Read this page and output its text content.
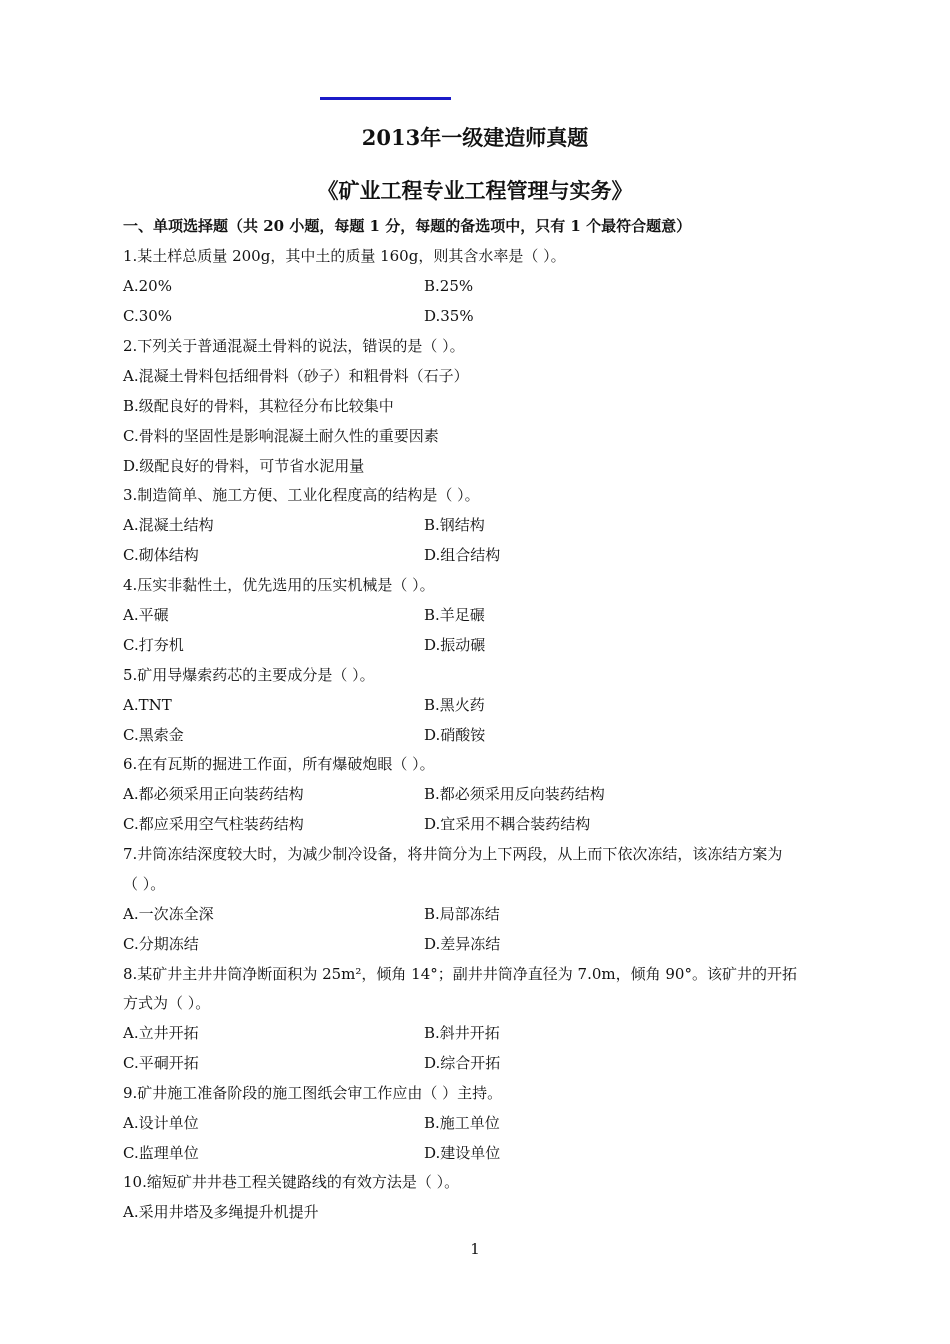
2013年一级建造师真题
《矿业工程专业工程管理与实务》
一、单项选择题（共 20 小题，每题 1 分，每题的备选项中，只有 1 个最符合题意）
1.某土样总质量 200g，其中土的质量 160g，则其含水率是（ ）。
A.20%	B.25%
C.30%	D.35%
2.下列关于普通混凝土骨料的说法，错误的是（ ）。
A.混凝土骨料包括细骨料（砂子）和粗骨料（石子）
B.级配良好的骨料，其粒径分布比较集中
C.骨料的坚固性是影响混凝土耐久性的重要因素
D.级配良好的骨料，可节省水泥用量
3.制造简单、施工方便、工业化程度高的结构是（ ）。
A.混凝土结构	B.钢结构
C.砌体结构	D.组合结构
4.压实非黏性土，优先选用的压实机械是（ ）。
A.平碾	B.羊足碾
C.打夯机	D.振动碾
5.矿用导爆索药芯的主要成分是（ ）。
A.TNT	B.黑火药
C.黑索金	D.硝酸铵
6.在有瓦斯的掘进工作面，所有爆破炮眼（ ）。
A.都必须采用正向装药结构	B.都必须采用反向装药结构
C.都应采用空气柱装药结构	D.宜采用不耦合装药结构
7.井筒冻结深度较大时，为减少制冷设备，将井筒分为上下两段，从上而下依次冻结，该冻结方案为
（ ）。
A.一次冻全深	B.局部冻结
C.分期冻结	D.差异冻结
8.某矿井主井井筒净断面积为 25m²，倾角 14°；副井井筒净直径为 7.0m，倾角 90°。该矿井的开拓
方式为（ ）。
A.立井开拓	B.斜井开拓
C.平硐开拓	D.综合开拓
9.矿井施工准备阶段的施工图纸会审工作应由（ ）主持。
A.设计单位	B.施工单位
C.监理单位	D.建设单位
10.缩短矿井井巷工程关键路线的有效方法是（ ）。
A.采用井塔及多绳提升机提升
1
